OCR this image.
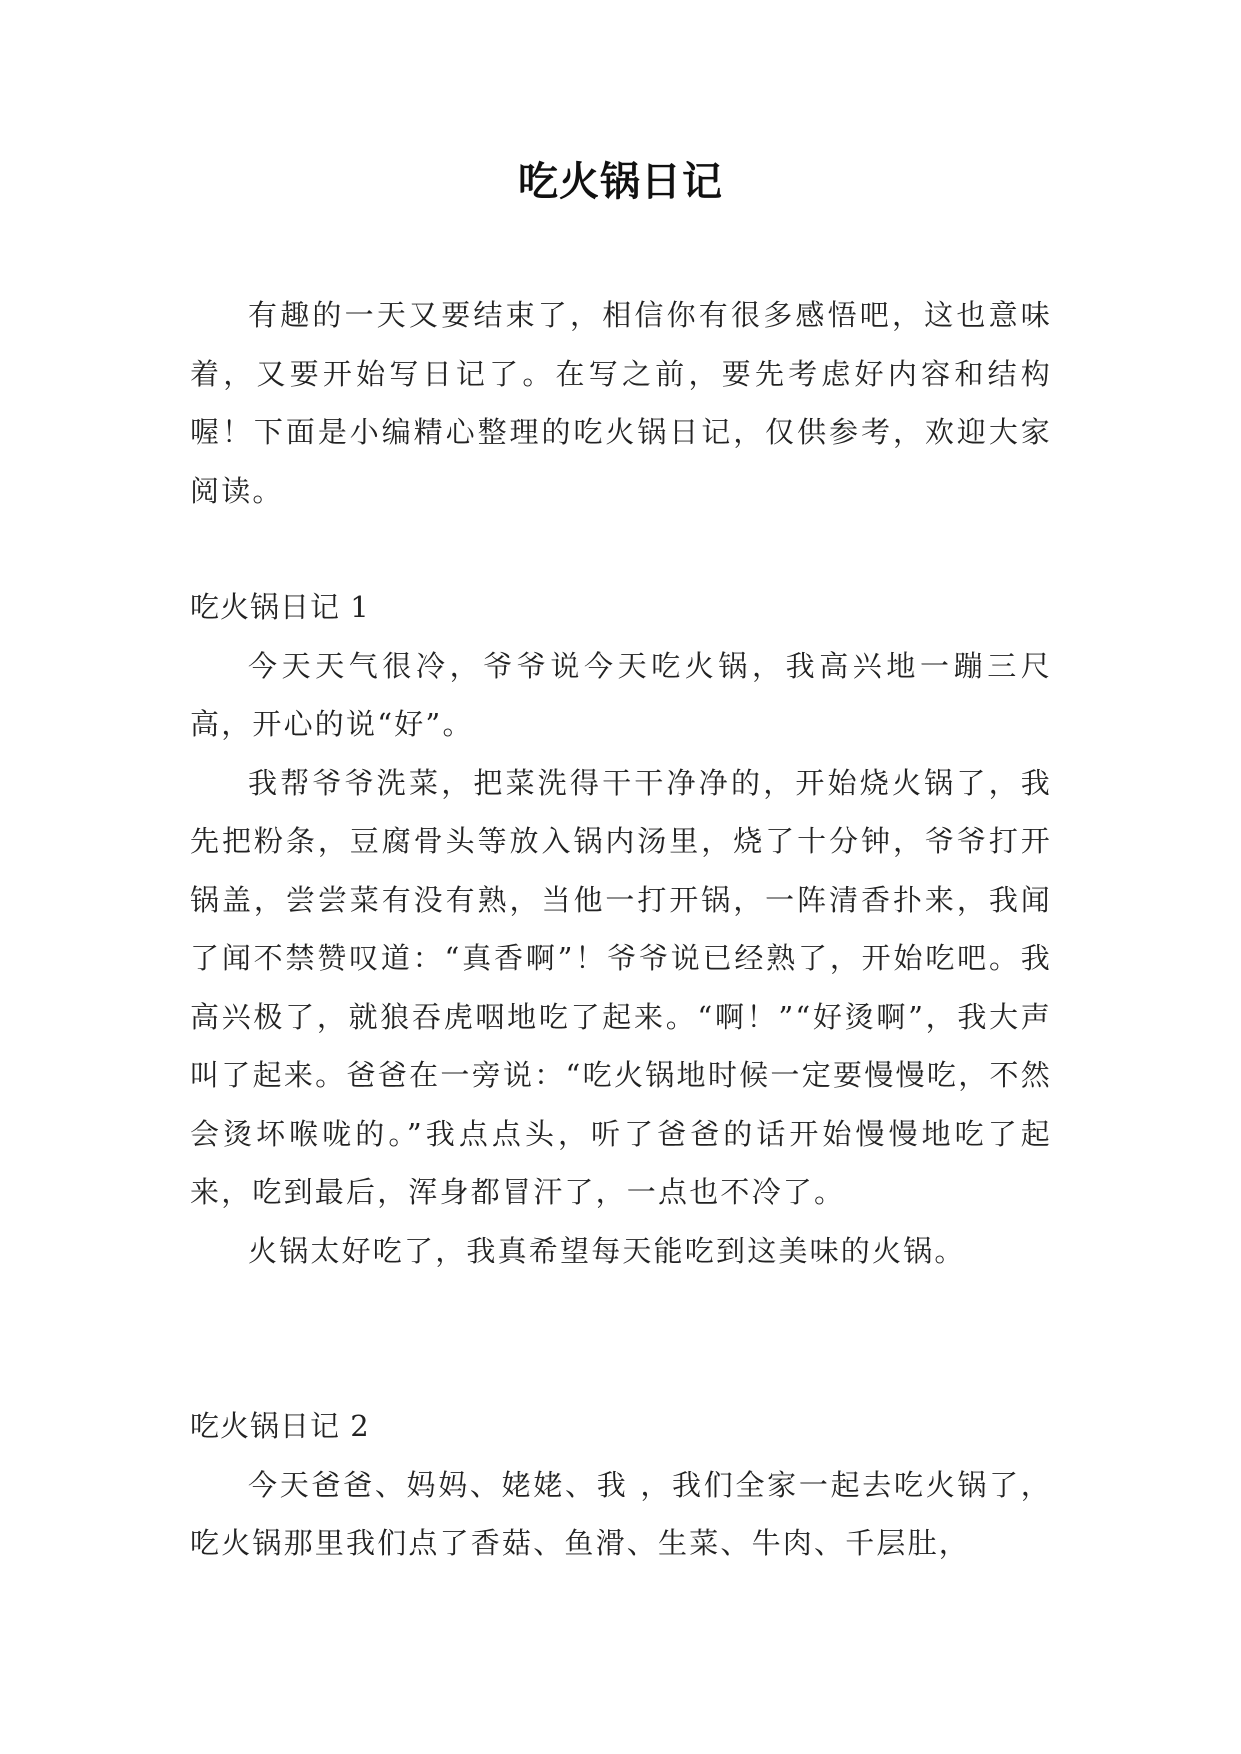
吃火锅日记

有趣的一天又要结束了，相信你有很多感悟吧，这也意味着，又要开始写日记了。在写之前，要先考虑好内容和结构喔！下面是小编精心整理的吃火锅日记，仅供参考，欢迎大家阅读。

吃火锅日记 1

今天天气很冷，爷爷说今天吃火锅，我高兴地一蹦三尺高，开心的说“好”。

我帮爷爷洗菜，把菜洗得干干净净的，开始烧火锅了，我先把粉条，豆腐骨头等放入锅内汤里，烧了十分钟，爷爷打开锅盖，尝尝菜有没有熟，当他一打开锅，一阵清香扑来，我闻了闻不禁赞叹道：“真香啊”！爷爷说已经熟了，开始吃吧。我高兴极了，就狼吞虎咽地吃了起来。“啊！”“好烫啊”，我大声叫了起来。爸爸在一旁说：“吃火锅地时候一定要慢慢吃，不然会烫坏喉咙的。”我点点头，听了爸爸的话开始慢慢地吃了起来，吃到最后，浑身都冒汗了，一点也不冷了。

火锅太好吃了，我真希望每天能吃到这美味的火锅。

吃火锅日记 2

今天爸爸、妈妈、姥姥、我 ，我们全家一起去吃火锅了，吃火锅那里我们点了香菇、鱼滑、生菜、牛肉、千层肚，
